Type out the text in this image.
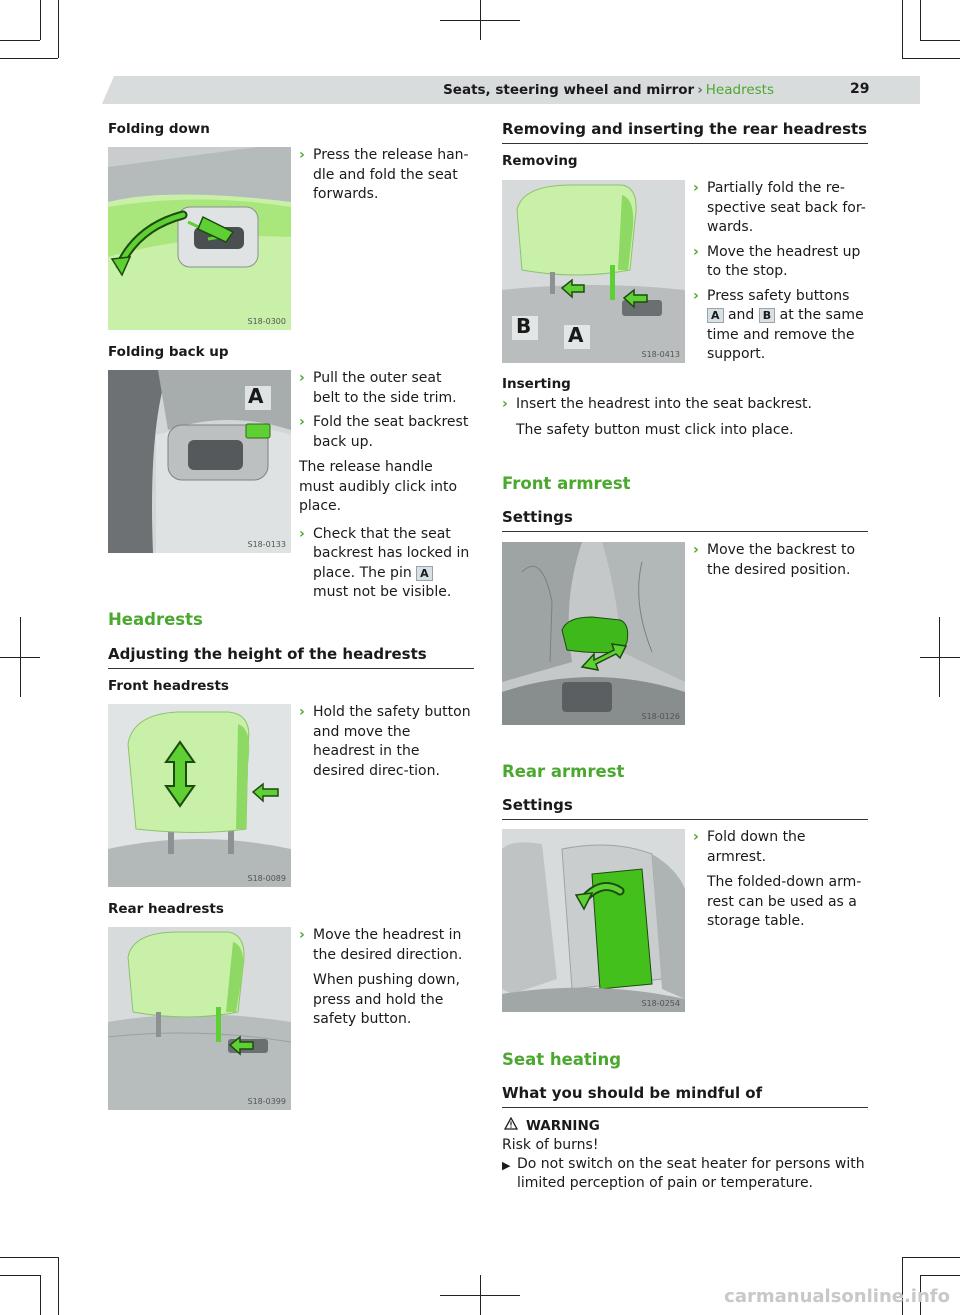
Seats, steering wheel and mirror › Headrests	29
Folding down
S18-0300
› Press the release han-dle and fold the seat forwards.
Folding back up
A
S18-0133
› Pull the outer seat belt to the side trim.
› Fold the seat backrest back up.
The release handle must audibly click into place.
› Check that the seat backrest has locked in place. The pin A must not be visible.
Headrests
Adjusting the height of the headrests
Front headrests
S18-0089
› Hold the safety button and move the headrest in the desired direc-tion.
Rear headrests
S18-0399
› Move the headrest in the desired direction.
When pushing down, press and hold the safety button.
Removing and inserting the rear headrests
Removing
B A
S18-0413
› Partially fold the re-spective seat back for-wards.
› Move the headrest up to the stop.
› Press safety buttons A and B at the same time and remove the support.
Inserting
› Insert the headrest into the seat backrest.
The safety button must click into place.
Front armrest
Settings
S18-0126
› Move the backrest to the desired position.
Rear armrest
Settings
S18-0254
› Fold down the armrest.
The folded-down arm-rest can be used as a storage table.
Seat heating
What you should be mindful of
WARNING
Risk of burns!
▶ Do not switch on the seat heater for persons with limited perception of pain or temperature.
carmanualsonline.info
